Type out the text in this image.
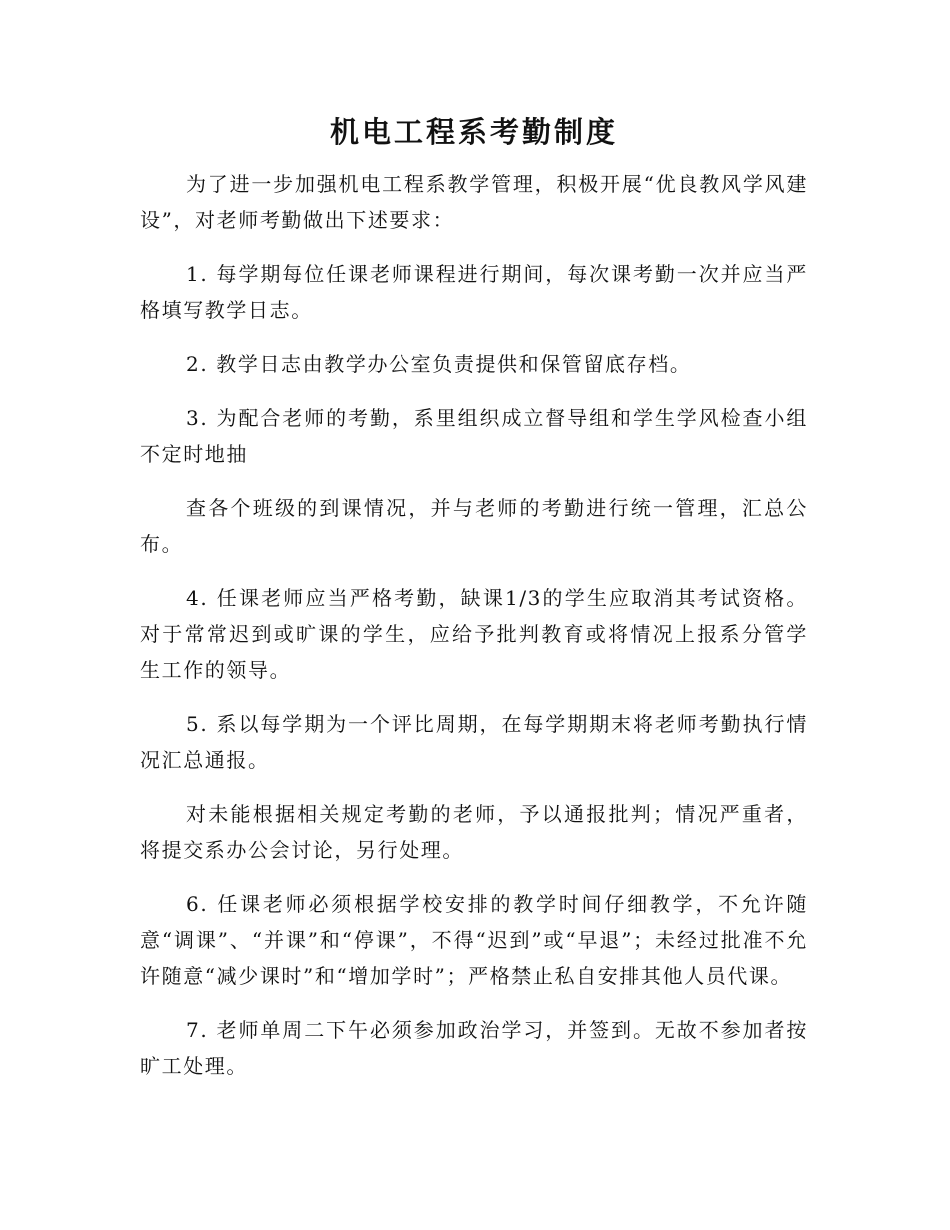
机电工程系考勤制度

为了进一步加强机电工程系教学管理，积极开展“优良教风学风建设”，对老师考勤做出下述要求：

1. 每学期每位任课老师课程进行期间，每次课考勤一次并应当严格填写教学日志。

2. 教学日志由教学办公室负责提供和保管留底存档。

3. 为配合老师的考勤，系里组织成立督导组和学生学风检查小组不定时地抽

查各个班级的到课情况，并与老师的考勤进行统一管理，汇总公布。

4. 任课老师应当严格考勤，缺课1/3的学生应取消其考试资格。对于常常迟到或旷课的学生，应给予批判教育或将情况上报系分管学生工作的领导。

5. 系以每学期为一个评比周期，在每学期期末将老师考勤执行情况汇总通报。

对未能根据相关规定考勤的老师，予以通报批判；情况严重者，将提交系办公会讨论，另行处理。

6. 任课老师必须根据学校安排的教学时间仔细教学，不允许随意“调课”、“并课”和“停课”，不得“迟到”或“早退”；未经过批准不允许随意“减少课时”和“增加学时”；严格禁止私自安排其他人员代课。

7. 老师单周二下午必须参加政治学习，并签到。无故不参加者按旷工处理。
